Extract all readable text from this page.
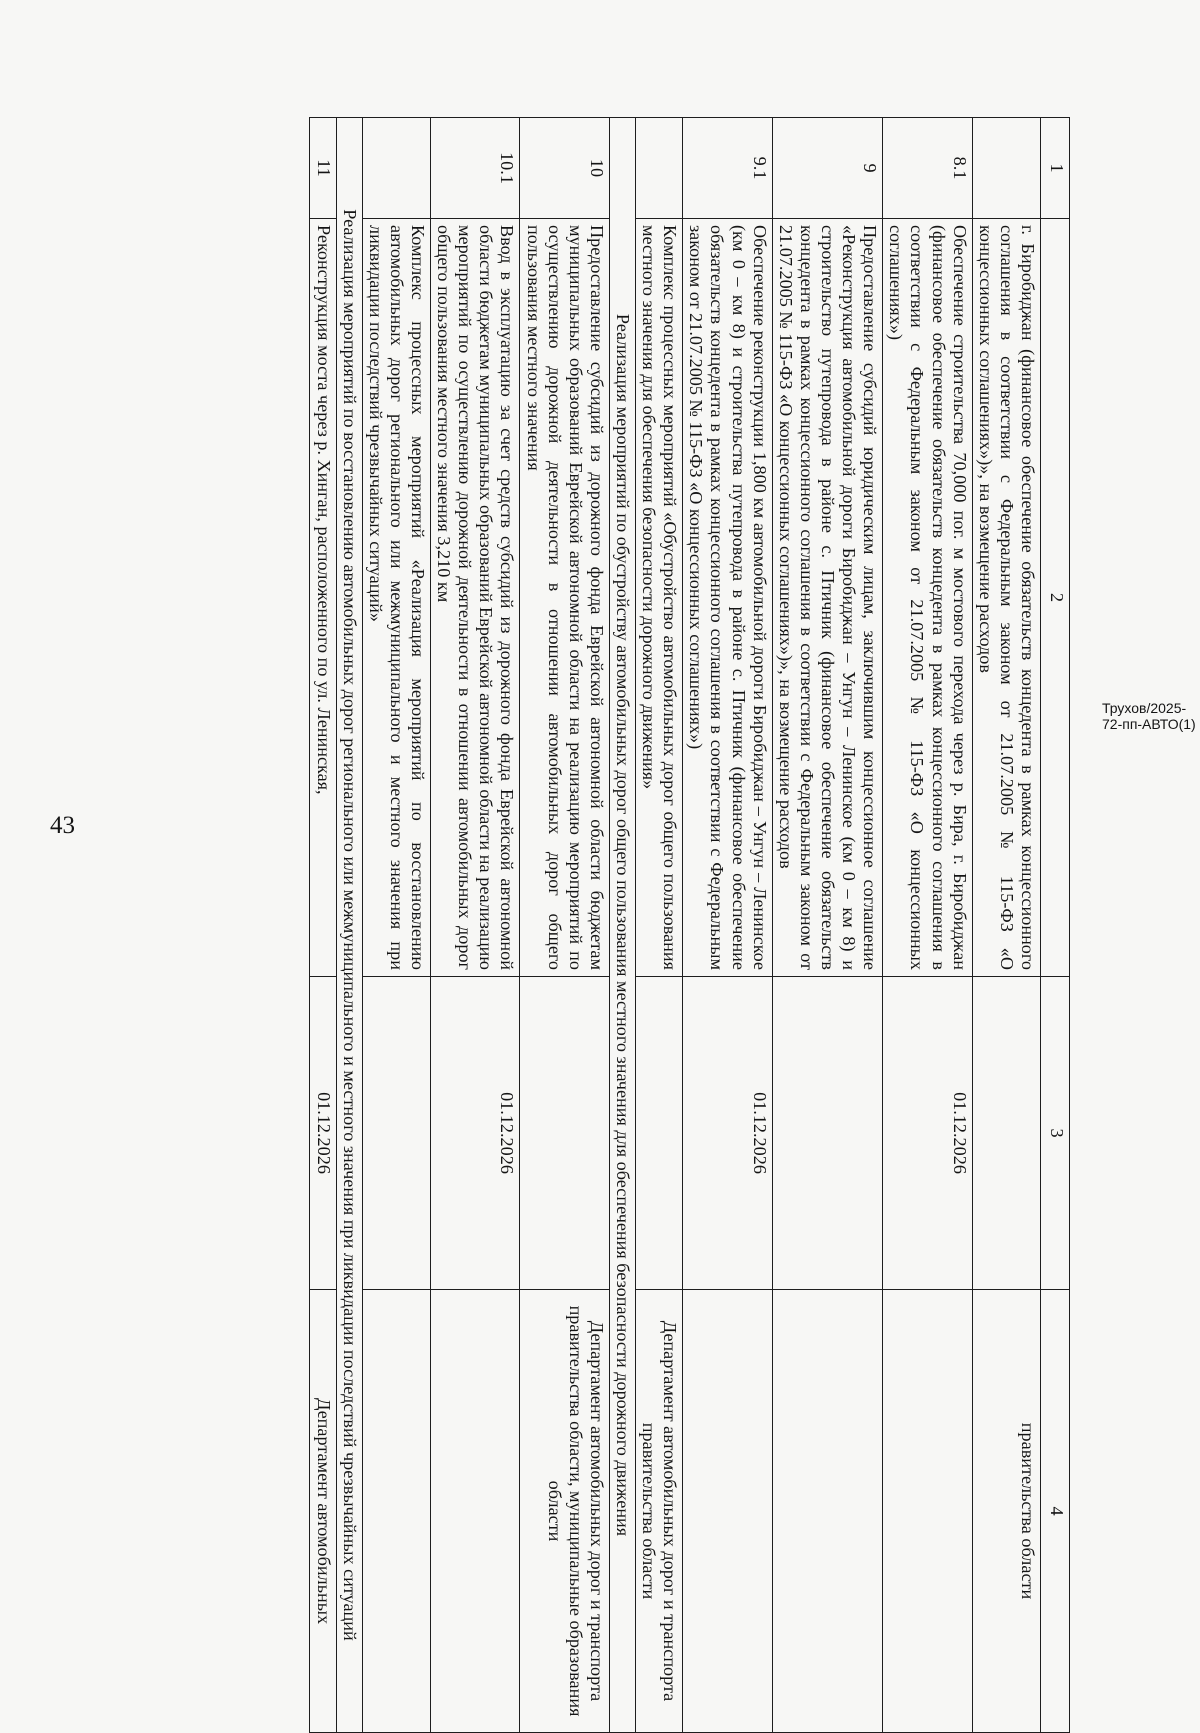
43
1	2	3	4
	г. Биробиджан (финансовое обеспечение обязательств концедента в рамках концессионного соглашения в соответствии с Федеральным законом от 21.07.2005 № 115-ФЗ «О концессионных соглашениях»)», на возмещение расходов		правительства области
8.1	Обеспечение строительства 70,000 пог. м мостового перехода через р. Бира, г. Биробиджан (финансовое обеспечение обязательств концедента в рамках концессионного соглашения в соответствии с Федеральным законом от 21.07.2005 № 115-ФЗ «О концессионных соглашениях»)	01.12.2026	
9	Предоставление субсидий юридическим лицам, заключившим концессионное соглашение «Реконструкция автомобильной дороги Биробиджан – Унгун – Ленинское (км 0 – км 8) и строительство путепровода в районе с. Птичник (финансовое обеспечение обязательств концедента в рамках концессионного соглашения в соответствии с Федеральным законом от 21.07.2005 № 115-ФЗ «О концессионных соглашениях»)», на возмещение расходов		
9.1	Обеспечение реконструкции 1,800 км автомобильной дороги Биробиджан – Унгун – Ленинское (км 0 – км 8) и строительства путепровода в районе с. Птичник (финансовое обеспечение обязательств концедента в рамках концессионного соглашения в соответствии с Федеральным законом от 21.07.2005 № 115-ФЗ «О концессионных соглашениях»)	01.12.2026	
	Комплекс процессных мероприятий «Обустройство автомобильных дорог общего пользования местного значения для обеспечения безопасности дорожного движения»		Департамент автомобильных дорог и транспорта правительства области
Реализация мероприятий по обустройству автомобильных дорог общего пользования местного значения для обеспечения безопасности дорожного движения			
10	Предоставление субсидий из дорожного фонда Еврейской автономной области бюджетам муниципальных образований Еврейской автономной области на реализацию мероприятий по осуществлению дорожной деятельности в отношении автомобильных дорог общего пользования местного значения		Департамент автомобильных дорог и транспорта правительства области, муниципальные образования области
10.1	Ввод в эксплуатацию за счет средств субсидий из дорожного фонда Еврейской автономной области бюджетам муниципальных образований Еврейской автономной области на реализацию мероприятий по осуществлению дорожной деятельности в отношении автомобильных дорог общего пользования местного значения 3,210 км	01.12.2026	
	Комплекс процессных мероприятий «Реализация мероприятий по восстановлению автомобильных дорог регионального или межмуниципального и местного значения при ликвидации последствий чрезвычайных ситуаций»		
Реализация мероприятий по восстановлению автомобильных дорог регионального или межмуниципального и местного значения при ликвидации последствий чрезвычайных ситуаций			
11	Реконструкция моста через р. Хинган, расположенного по ул. Ленинская,	01.12.2026	Департамент автомобильных
Трухов/2025-72-пп-АВТО(1)
